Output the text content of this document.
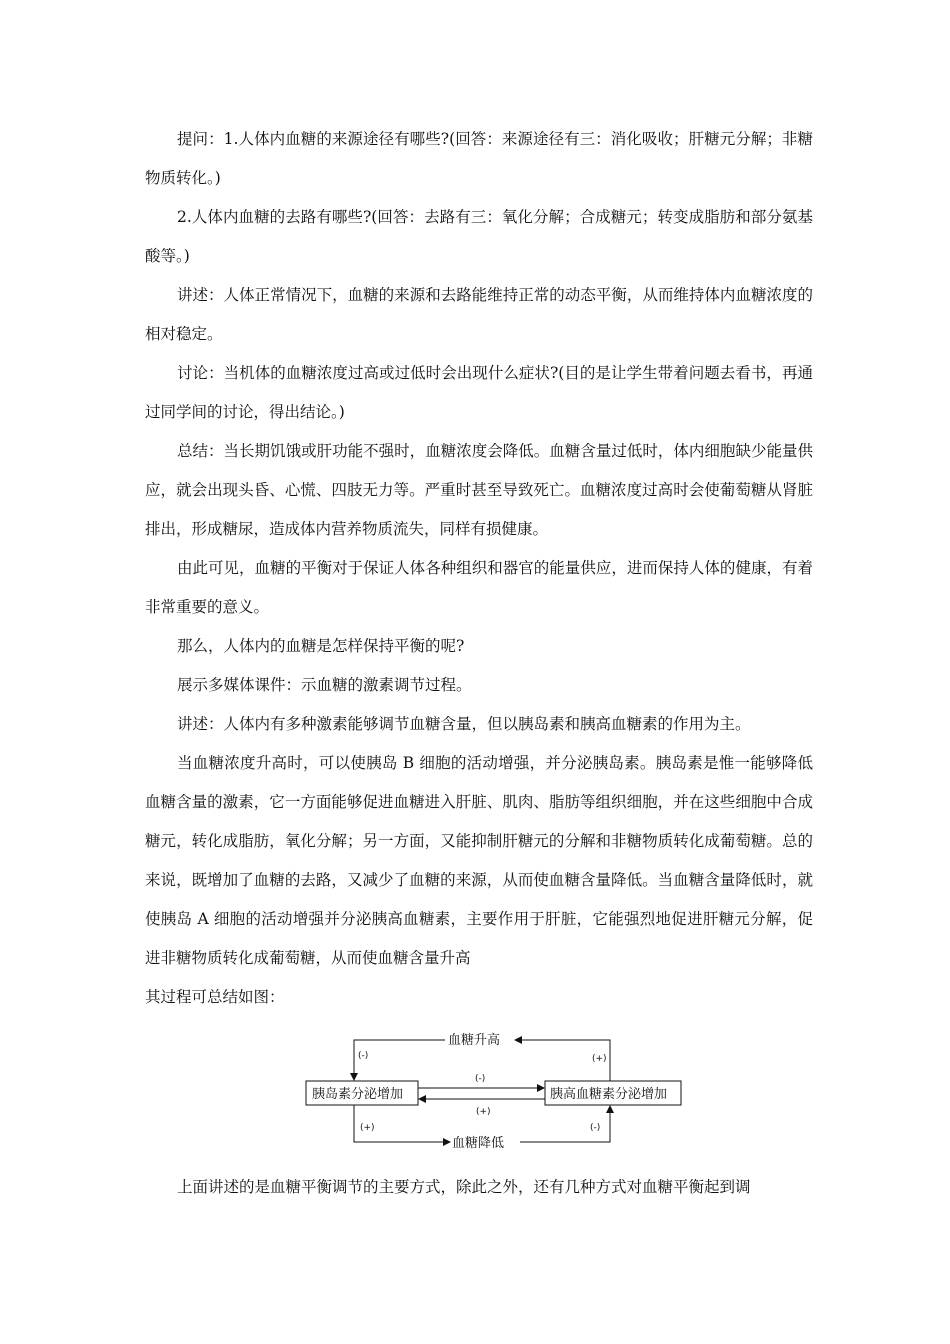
提问：1.人体内血糖的来源途径有哪些?(回答：来源途径有三：消化吸收；肝糖元分解；非糖物质转化。)

2.人体内血糖的去路有哪些?(回答：去路有三：氧化分解；合成糖元；转变成脂肪和部分氨基酸等。)

讲述：人体正常情况下，血糖的来源和去路能维持正常的动态平衡，从而维持体内血糖浓度的相对稳定。

讨论：当机体的血糖浓度过高或过低时会出现什么症状?(目的是让学生带着问题去看书，再通过同学间的讨论，得出结论。)

总结：当长期饥饿或肝功能不强时，血糖浓度会降低。血糖含量过低时，体内细胞缺少能量供应，就会出现头昏、心慌、四肢无力等。严重时甚至导致死亡。血糖浓度过高时会使葡萄糖从肾脏排出，形成糖尿，造成体内营养物质流失，同样有损健康。

由此可见，血糖的平衡对于保证人体各种组织和器官的能量供应，进而保持人体的健康，有着非常重要的意义。

那么，人体内的血糖是怎样保持平衡的呢?

展示多媒体课件：示血糖的激素调节过程。

讲述：人体内有多种激素能够调节血糖含量，但以胰岛素和胰高血糖素的作用为主。

当血糖浓度升高时，可以使胰岛 B 细胞的活动增强，并分泌胰岛素。胰岛素是惟一能够降低血糖含量的激素，它一方面能够促进血糖进入肝脏、肌肉、脂肪等组织细胞，并在这些细胞中合成糖元，转化成脂肪，氧化分解；另一方面，又能抑制肝糖元的分解和非糖物质转化成葡萄糖。总的来说，既增加了血糖的去路，又减少了血糖的来源，从而使血糖含量降低。当血糖含量降低时，就使胰岛 A 细胞的活动增强并分泌胰高血糖素，主要作用于肝脏，它能强烈地促进肝糖元分解，促进非糖物质转化成葡萄糖，从而使血糖含量升高

其过程可总结如图：

血糖升高
血糖降低
胰岛素分泌增加	胰高血糖素分泌增加
(-)	(+)
(-)
(+)
(+)	(-)

上面讲述的是血糖平衡调节的主要方式，除此之外，还有几种方式对血糖平衡起到调
